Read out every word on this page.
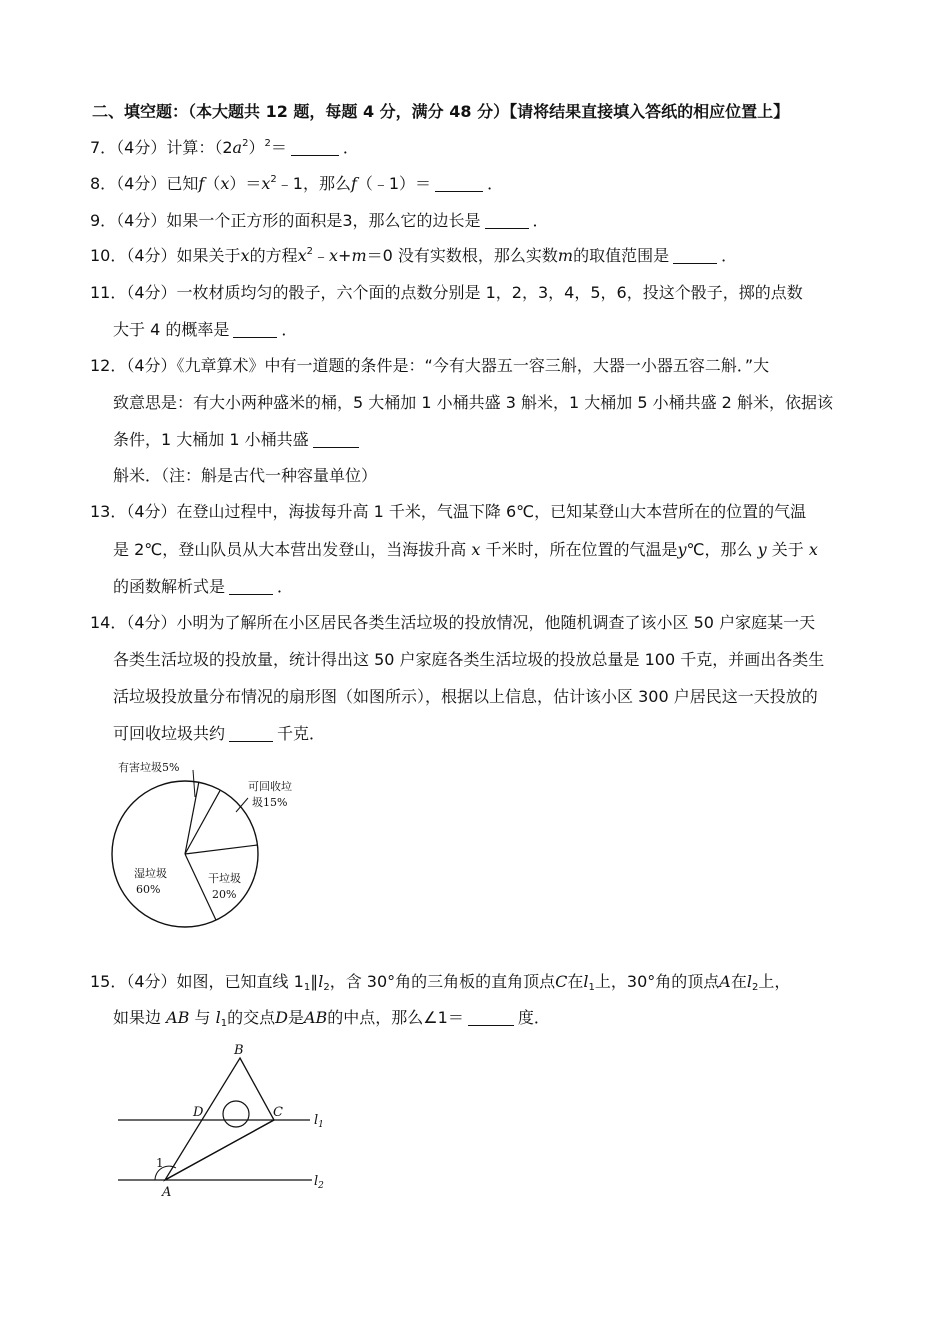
二、填空题：（本大题共 12 题，每题 4 分，满分 48 分）【请将结果直接填入答纸的相应位置上】
7．（4分）计算：$(2a^2)^2=$	．
8．（4分）已知$f(x)=x^2﹣1$，那么f（﹣1）＝	．
9．（4分）如果一个正方形的面积是3，那么它的边长是	．
10．（4分）如果关于x的方程$x^2﹣x+m=0$ 没有实数根，那么实数m的取值范围是	．
11．（4分）一枚材质均匀的骰子，六个面的点数分别是 1，2，3，4，5，6，投这个骰子，掷的点数
大于 4 的概率是	．
12．（4分）《九章算术》中有一道题的条件是：“今有大器五一容三斛，大器一小器五容二斛．”大
致意思是：有大小两种盛米的桶，5 大桶加 1 小桶共盛 3 斛米，1 大桶加 5 小桶共盛 2 斛米，依据该
条件，1 大桶加 1 小桶共盛
斛米．（注：斛是古代一种容量单位）
13．（4分）在登山过程中，海拔每升高 1 千米，气温下降 6℃，已知某登山大本营所在的位置的气温
是 2℃，登山队员从大本营出发登山，当海拔升高 x 千米时，所在位置的气温是y℃，那么 y 关于 x
的函数解析式是	．
14．（4分）小明为了解所在小区居民各类生活垃圾的投放情况，他随机调查了该小区 50 户家庭某一天
各类生活垃圾的投放量，统计得出这 50 户家庭各类生活垃圾的投放总量是 100 千克，并画出各类生
活垃圾投放量分布情况的扇形图（如图所示），根据以上信息，估计该小区 300 户居民这一天投放的
可回收垃圾共约	千克．
有害垃圾5%
可回收垃
圾15%
干垃圾
20%
湿垃圾
60%
15．（4分）如图，已知直线 $1_1\parallel l_2$，含 30°角的三角板的直角顶点C在$l_1$上，30°角的顶点A在$l_2$上，
如果边 AB 与 $l_1$的交点D是AB的中点，那么∠1＝	度．
B
D	C
$l_1$
A
$l_2$
1
